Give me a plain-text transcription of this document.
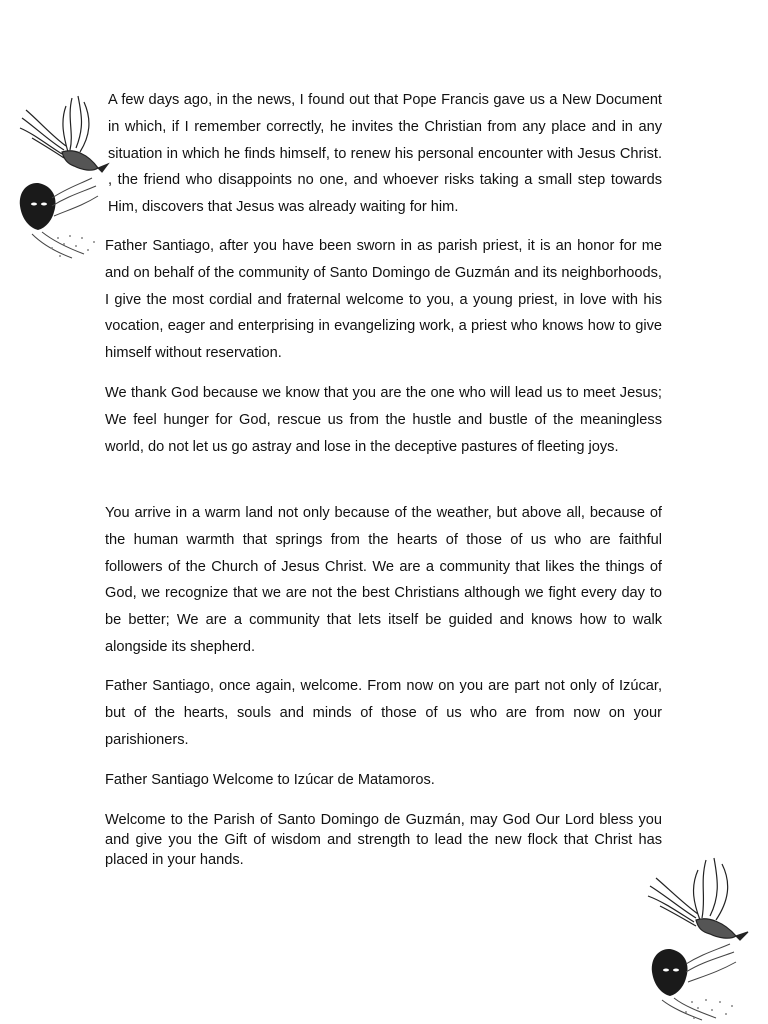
A few days ago, in the news, I found out that Pope Francis gave us a New Document in which, if I remember correctly, he invites the Christian from any place and in any situation in which he finds himself, to renew his personal encounter with Jesus Christ. , the friend who disappoints no one, and whoever risks taking a small step towards Him, discovers that Jesus was already waiting for him.

Father Santiago, after you have been sworn in as parish priest, it is an honor for me and on behalf of the community of Santo Domingo de Guzmán and its neighborhoods, I give the most cordial and fraternal welcome to you, a young priest, in love with his vocation, eager and enterprising in evangelizing work, a priest who knows how to give himself without reservation.

We thank God because we know that you are the one who will lead us to meet Jesus; We feel hunger for God, rescue us from the hustle and bustle of the meaningless world, do not let us go astray and lose in the deceptive pastures of fleeting joys.

You arrive in a warm land not only because of the weather, but above all, because of the human warmth that springs from the hearts of those of us who are faithful followers of the Church of Jesus Christ. We are a community that likes the things of God, we recognize that we are not the best Christians although we fight every day to be better; We are a community that lets itself be guided and knows how to walk alongside its shepherd.

Father Santiago, once again, welcome. From now on you are part not only of Izúcar, but of the hearts, souls and minds of those of us who are from now on your parishioners.

Father Santiago Welcome to Izúcar de Matamoros.

Welcome to the Parish of Santo Domingo de Guzmán, may God Our Lord bless you and give you the Gift of wisdom and strength to lead the new flock that Christ has placed in your hands.
